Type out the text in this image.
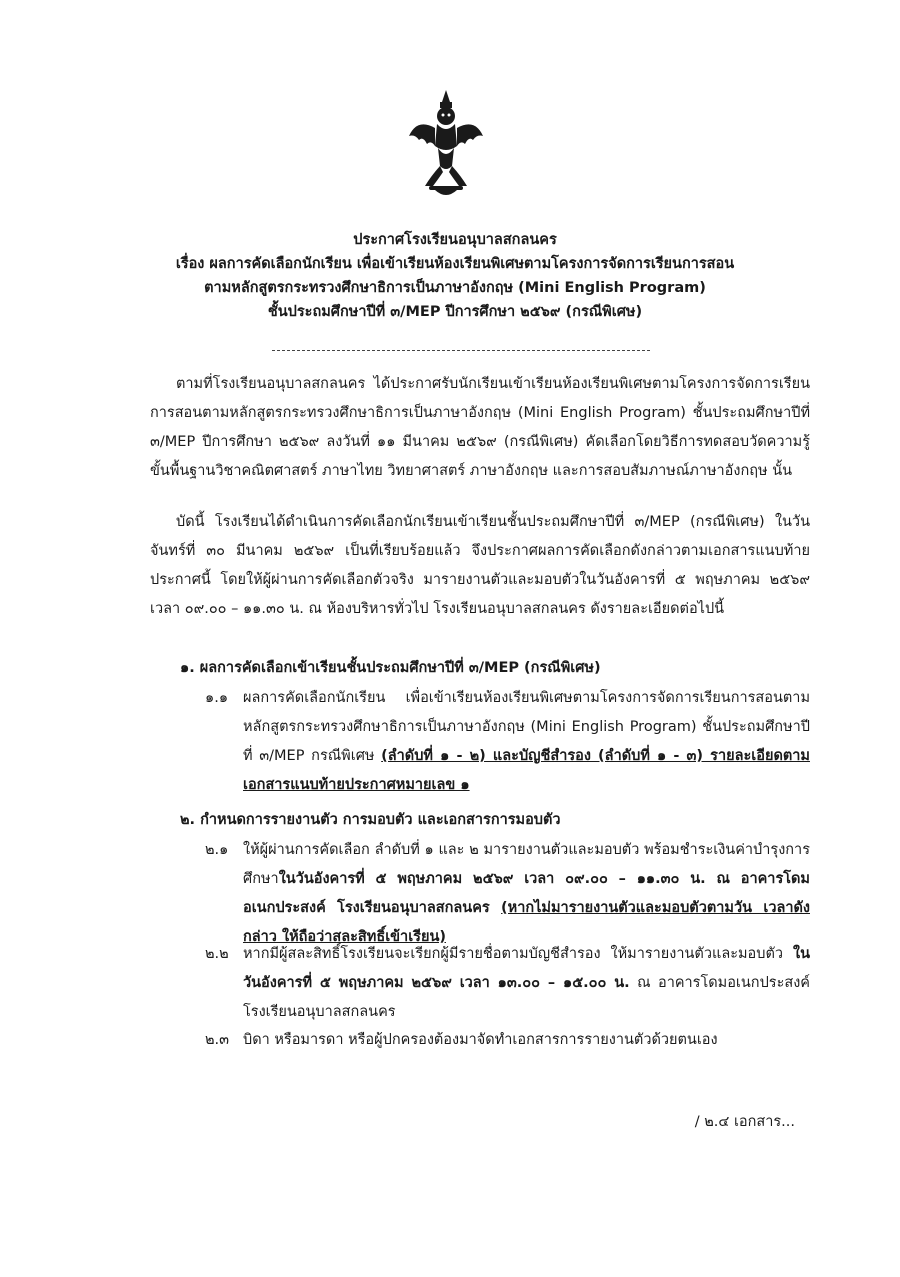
ประกาศโรงเรียนอนุบาลสกลนคร
เรื่อง ผลการคัดเลือกนักเรียน เพื่อเข้าเรียนห้องเรียนพิเศษตามโครงการจัดการเรียนการสอน
ตามหลักสูตรกระทรวงศึกษาธิการเป็นภาษาอังกฤษ (Mini English Program)
ชั้นประถมศึกษาปีที่ ๓/MEP ปีการศึกษา ๒๕๖๙ (กรณีพิเศษ)
ตามที่โรงเรียนอนุบาลสกลนคร ได้ประกาศรับนักเรียนเข้าเรียนห้องเรียนพิเศษตามโครงการจัดการเรียนการสอนตามหลักสูตรกระทรวงศึกษาธิการเป็นภาษาอังกฤษ (Mini English Program) ชั้นประถมศึกษาปีที่ ๓/MEP ปีการศึกษา ๒๕๖๙ ลงวันที่ ๑๑ มีนาคม ๒๕๖๙ (กรณีพิเศษ) คัดเลือกโดยวิธีการทดสอบวัดความรู้ขั้นพื้นฐานวิชาคณิตศาสตร์ ภาษาไทย วิทยาศาสตร์ ภาษาอังกฤษ และการสอบสัมภาษณ์ภาษาอังกฤษ นั้น
บัดนี้ โรงเรียนได้ดำเนินการคัดเลือกนักเรียนเข้าเรียนชั้นประถมศึกษาปีที่ ๓/MEP (กรณีพิเศษ) ในวันจันทร์ที่ ๓๐ มีนาคม ๒๕๖๙ เป็นที่เรียบร้อยแล้ว จึงประกาศผลการคัดเลือกดังกล่าวตามเอกสารแนบท้ายประกาศนี้ โดยให้ผู้ผ่านการคัดเลือกตัวจริง มารายงานตัวและมอบตัวในวันอังคารที่ ๕ พฤษภาคม ๒๕๖๙ เวลา ๐๙.๐๐ – ๑๑.๓๐ น. ณ ห้องบริหารทั่วไป โรงเรียนอนุบาลสกลนคร ดังรายละเอียดต่อไปนี้
๑. ผลการคัดเลือกเข้าเรียนชั้นประถมศึกษาปีที่ ๓/MEP (กรณีพิเศษ)
๑.๑	ผลการคัดเลือกนักเรียน เพื่อเข้าเรียนห้องเรียนพิเศษตามโครงการจัดการเรียนการสอนตามหลักสูตรกระทรวงศึกษาธิการเป็นภาษาอังกฤษ (Mini English Program) ชั้นประถมศึกษาปีที่ ๓/MEP กรณีพิเศษ (ลำดับที่ ๑ - ๒) และบัญชีสำรอง (ลำดับที่ ๑ - ๓) รายละเอียดตามเอกสารแนบท้ายประกาศหมายเลข ๑
๒. กำหนดการรายงานตัว การมอบตัว และเอกสารการมอบตัว
๒.๑	ให้ผู้ผ่านการคัดเลือก ลำดับที่ ๑ และ ๒ มารายงานตัวและมอบตัว พร้อมชำระเงินค่าบำรุงการศึกษาในวันอังคารที่ ๕ พฤษภาคม ๒๕๖๙ เวลา ๐๙.๐๐ – ๑๑.๓๐ น. ณ อาคารโดมอเนกประสงค์ โรงเรียนอนุบาลสกลนคร (หากไม่มารายงานตัวและมอบตัวตามวัน เวลาดังกล่าว ให้ถือว่าสละสิทธิ์เข้าเรียน)
๒.๒ หากมีผู้สละสิทธิ์โรงเรียนจะเรียกผู้มีรายชื่อตามบัญชีสำรอง ให้มารายงานตัวและมอบตัว ในวันอังคารที่ ๕ พฤษภาคม ๒๕๖๙ เวลา ๑๓.๐๐ – ๑๕.๐๐ น. ณ อาคารโดมอเนกประสงค์ โรงเรียนอนุบาลสกลนคร
๒.๓ บิดา หรือมารดา หรือผู้ปกครองต้องมาจัดทำเอกสารการรายงานตัวด้วยตนเอง
/ ๒.๔ เอกสาร...
